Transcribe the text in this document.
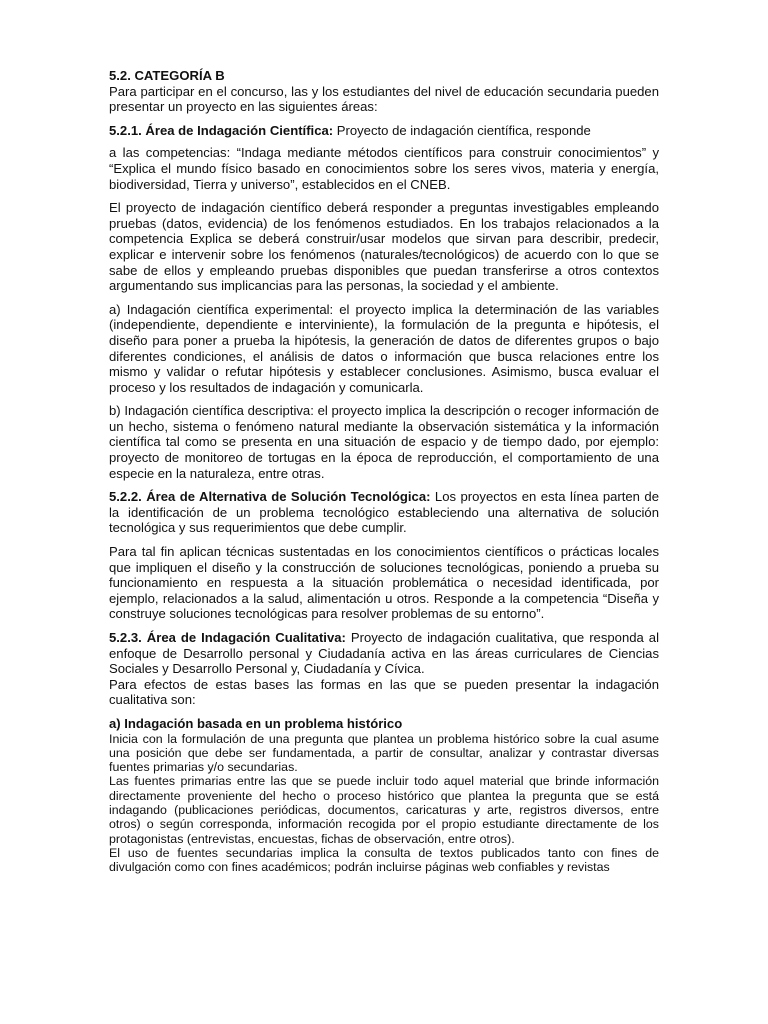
5.2. CATEGORÍA B

Para participar en el concurso, las y los estudiantes del nivel de educación secundaria pueden presentar un proyecto en las siguientes áreas:

5.2.1. Área de Indagación Científica: Proyecto de indagación científica, responde

a las competencias: “Indaga mediante métodos científicos para construir conocimientos” y “Explica el mundo físico basado en conocimientos sobre los seres vivos, materia y energía, biodiversidad, Tierra y universo”, establecidos en el CNEB.

El proyecto de indagación científico deberá responder a preguntas investigables empleando pruebas (datos, evidencia) de los fenómenos estudiados. En los trabajos relacionados a la competencia Explica se deberá construir/usar modelos que sirvan para describir, predecir, explicar e intervenir sobre los fenómenos (naturales/tecnológicos) de acuerdo con lo que se sabe de ellos y empleando pruebas disponibles que puedan transferirse a otros contextos argumentando sus implicancias para las personas, la sociedad y el ambiente.

a) Indagación científica experimental: el proyecto implica la determinación de las variables (independiente, dependiente e interviniente), la formulación de la pregunta e hipótesis, el diseño para poner a prueba la hipótesis, la generación de datos de diferentes grupos o bajo diferentes condiciones, el análisis de datos o información que busca relaciones entre los mismo y validar o refutar hipótesis y establecer conclusiones. Asimismo, busca evaluar el proceso y los resultados de indagación y comunicarla.

b) Indagación científica descriptiva: el proyecto implica la descripción o recoger información de un hecho, sistema o fenómeno natural mediante la observación sistemática y la información científica tal como se presenta en una situación de espacio y de tiempo dado, por ejemplo: proyecto de monitoreo de tortugas en la época de reproducción, el comportamiento de una especie en la naturaleza, entre otras.

5.2.2. Área de Alternativa de Solución Tecnológica: Los proyectos en esta línea parten de la identificación de un problema tecnológico estableciendo una alternativa de solución tecnológica y sus requerimientos que debe cumplir.

Para tal fin aplican técnicas sustentadas en los conocimientos científicos o prácticas locales que impliquen el diseño y la construcción de soluciones tecnológicas, poniendo a prueba su funcionamiento en respuesta a la situación problemática o necesidad identificada, por ejemplo, relacionados a la salud, alimentación u otros. Responde a la competencia “Diseña y construye soluciones tecnológicas para resolver problemas de su entorno”.

5.2.3. Área de Indagación Cualitativa: Proyecto de indagación cualitativa, que responda al enfoque de Desarrollo personal y Ciudadanía activa en las áreas curriculares de Ciencias Sociales y Desarrollo Personal y, Ciudadanía y Cívica.

Para efectos de estas bases las formas en las que se pueden presentar la indagación cualitativa son:

a) Indagación basada en un problema histórico

Inicia con la formulación de una pregunta que plantea un problema histórico sobre la cual asume una posición que debe ser fundamentada, a partir de consultar, analizar y contrastar diversas fuentes primarias y/o secundarias.

Las fuentes primarias entre las que se puede incluir todo aquel material que brinde información directamente proveniente del hecho o proceso histórico que plantea la pregunta que se está indagando (publicaciones periódicas, documentos, caricaturas y arte, registros diversos, entre otros) o según corresponda, información recogida por el propio estudiante directamente de los protagonistas (entrevistas, encuestas, fichas de observación, entre otros).

El uso de fuentes secundarias implica la consulta de textos publicados tanto con fines de divulgación como con fines académicos; podrán incluirse páginas web confiables y revistas
